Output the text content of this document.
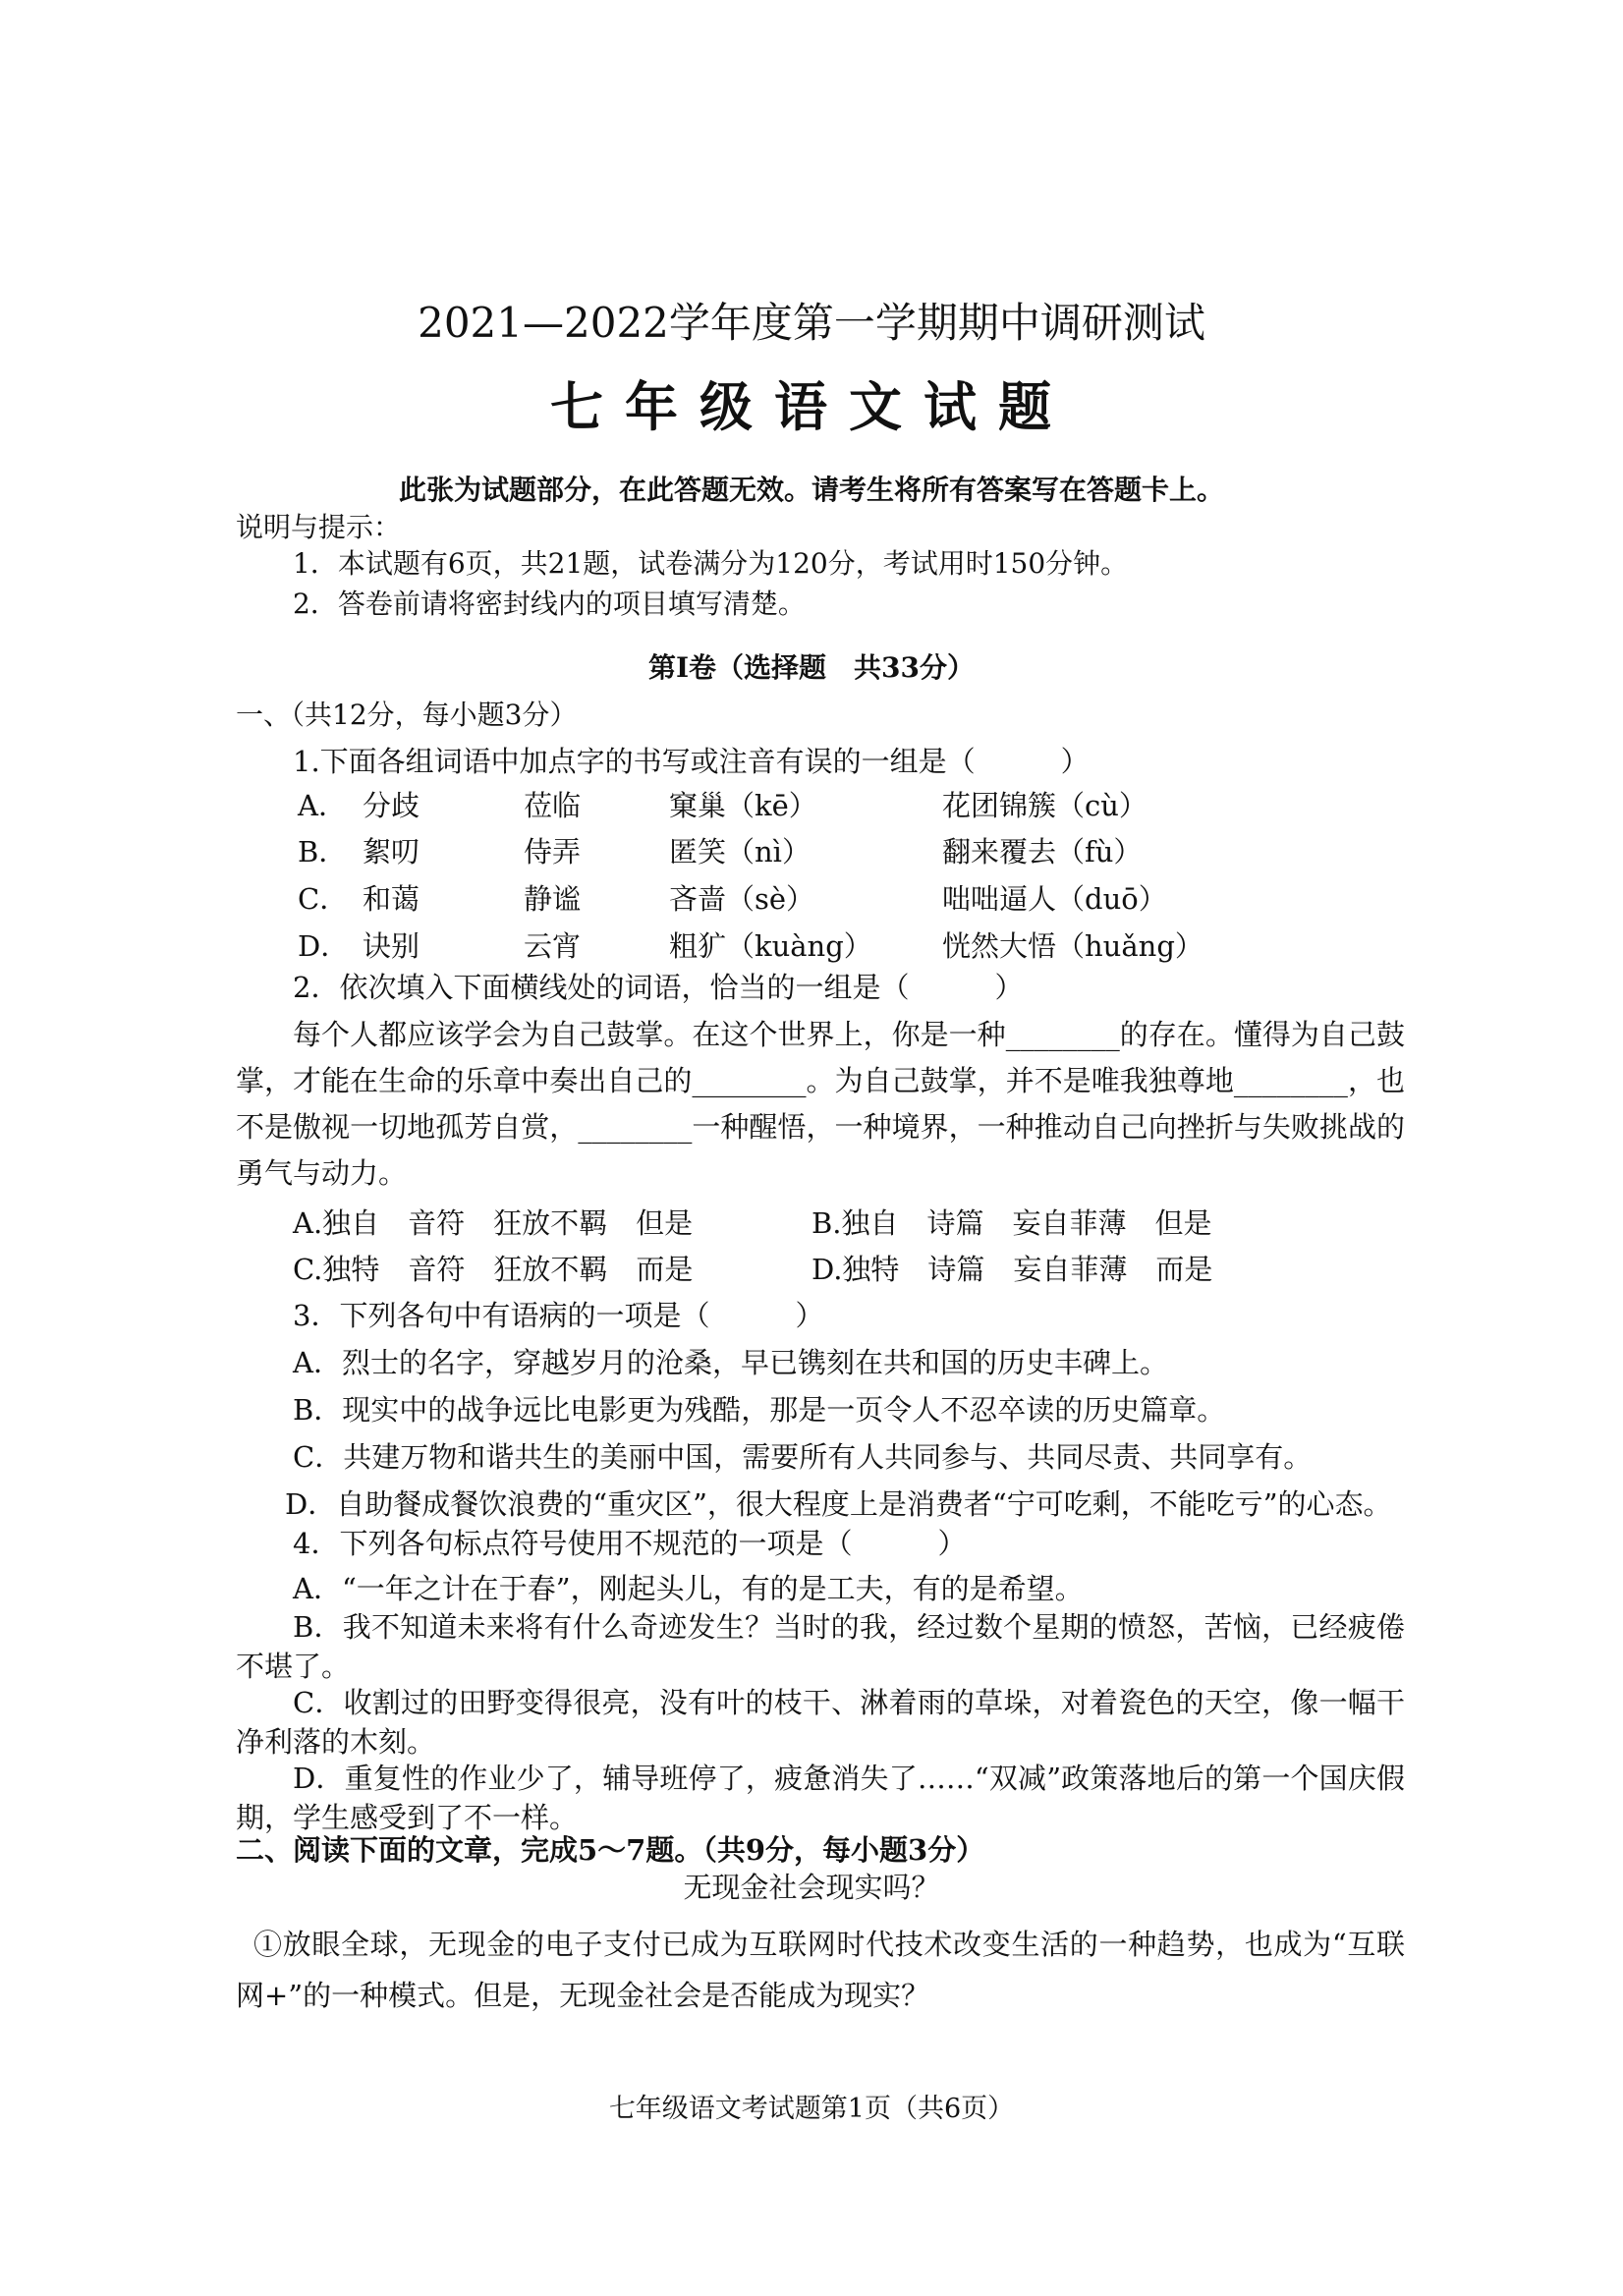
2021—2022学年度第一学期期中调研测试
七年级语文试题
此张为试题部分，在此答题无效。请考生将所有答案写在答题卡上。
说明与提示：
1．本试题有6页，共21题，试卷满分为120分，考试用时150分钟。
2．答卷前请将密封线内的项目填写清楚。
第Ⅰ卷（选择题　共33分）
一、（共12分，每小题3分）
1.下面各组词语中加点字的书写或注音有误的一组是（　　　）
A． 分歧	莅临	窠巢（kē）	花团锦簇（cù）
B． 絮叨	侍弄	匿笑（nì）	翻来覆去（fù）
C． 和蔼	静谧	吝啬（sè）	咄咄逼人（duō）
D． 诀别	云宵	粗犷（kuàng） 恍然大悟（huǎng）
2．依次填入下面横线处的词语，恰当的一组是（　　　）
每个人都应该学会为自己鼓掌。在这个世界上，你是一种________的存在。懂得为自己鼓掌，才能在生命的乐章中奏出自己的________。为自己鼓掌，并不是唯我独尊地________，也不是傲视一切地孤芳自赏，________一种醒悟，一种境界，一种推动自己向挫折与失败挑战的勇气与动力。
A.独自　音符　狂放不羁　但是	B.独自　诗篇　妄自菲薄　但是
C.独特　音符　狂放不羁　而是	D.独特　诗篇　妄自菲薄　而是
3．下列各句中有语病的一项是（　　　）
A．烈士的名字，穿越岁月的沧桑，早已镌刻在共和国的历史丰碑上。
B．现实中的战争远比电影更为残酷，那是一页令人不忍卒读的历史篇章。
C．共建万物和谐共生的美丽中国，需要所有人共同参与、共同尽责、共同享有。
D．自助餐成餐饮浪费的“重灾区”，很大程度上是消费者“宁可吃剩，不能吃亏”的心态。
4．下列各句标点符号使用不规范的一项是（　　　）
A．“一年之计在于春”，刚起头儿，有的是工夫，有的是希望。
B．我不知道未来将有什么奇迹发生？当时的我，经过数个星期的愤怒，苦恼，已经疲倦不堪了。
C．收割过的田野变得很亮，没有叶的枝干、淋着雨的草垛，对着瓷色的天空，像一幅干净利落的木刻。
D．重复性的作业少了，辅导班停了，疲惫消失了……“双减”政策落地后的第一个国庆假期，学生感受到了不一样。
二、阅读下面的文章，完成5～7题。（共9分，每小题3分）
无现金社会现实吗？
①放眼全球，无现金的电子支付已成为互联网时代技术改变生活的一种趋势，也成为“互联网+”的一种模式。但是，无现金社会是否能成为现实？
七年级语文考试题第1页（共6页）
